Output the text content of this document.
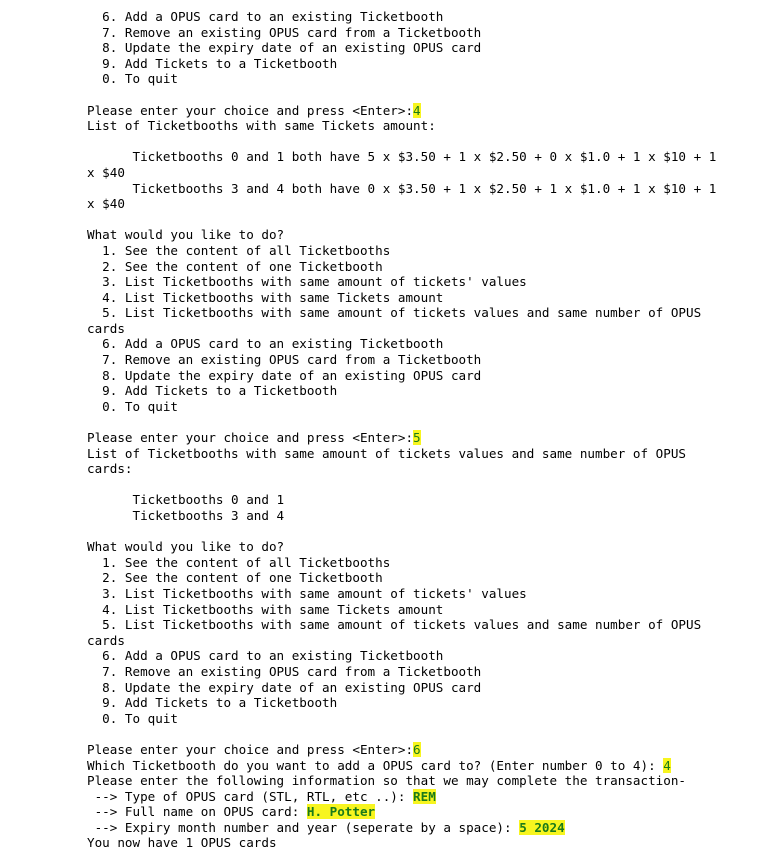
6. Add a OPUS card to an existing Ticketbooth
7. Remove an existing OPUS card from a Ticketbooth
8. Update the expiry date of an existing OPUS card
9. Add Tickets to a Ticketbooth
0. To quit
Please enter your choice and press <Enter>:4
List of Ticketbooths with same Tickets amount:
Ticketbooths 0 and 1 both have 5 x $3.50 + 1 x $2.50 + 0 x $1.0 + 1 x $10 + 1
x $40
Ticketbooths 3 and 4 both have 0 x $3.50 + 1 x $2.50 + 1 x $1.0 + 1 x $10 + 1
x $40
What would you like to do?
1. See the content of all Ticketbooths
2. See the content of one Ticketbooth
3. List Ticketbooths with same amount of tickets' values
4. List Ticketbooths with same Tickets amount
5. List Ticketbooths with same amount of tickets values and same number of OPUS
cards
6. Add a OPUS card to an existing Ticketbooth
7. Remove an existing OPUS card from a Ticketbooth
8. Update the expiry date of an existing OPUS card
9. Add Tickets to a Ticketbooth
0. To quit
Please enter your choice and press <Enter>:5
List of Ticketbooths with same amount of tickets values and same number of OPUS
cards:
Ticketbooths 0 and 1
Ticketbooths 3 and 4
What would you like to do?
1. See the content of all Ticketbooths
2. See the content of one Ticketbooth
3. List Ticketbooths with same amount of tickets' values
4. List Ticketbooths with same Tickets amount
5. List Ticketbooths with same amount of tickets values and same number of OPUS
cards
6. Add a OPUS card to an existing Ticketbooth
7. Remove an existing OPUS card from a Ticketbooth
8. Update the expiry date of an existing OPUS card
9. Add Tickets to a Ticketbooth
0. To quit
Please enter your choice and press <Enter>:6
Which Ticketbooth do you want to add a OPUS card to? (Enter number 0 to 4): 4
Please enter the following information so that we may complete the transaction-
--> Type of OPUS card (STL, RTL, etc ..): REM
--> Full name on OPUS card: H. Potter
--> Expiry month number and year (seperate by a space): 5 2024
You now have 1 OPUS cards
